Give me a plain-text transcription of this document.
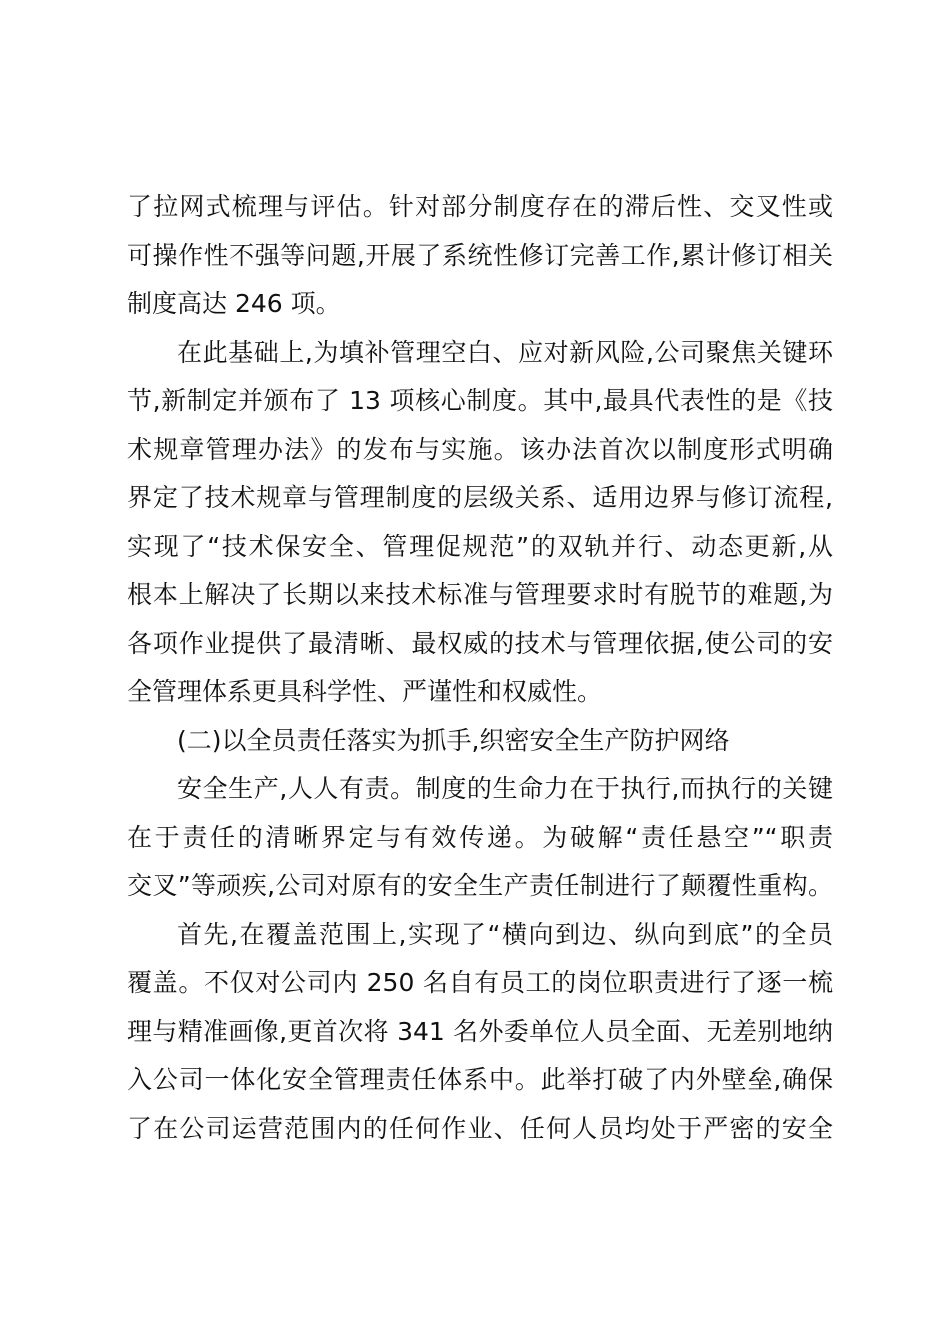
了拉网式梳理与评估。针对部分制度存在的滞后性、交叉性或
可操作性不强等问题,开展了系统性修订完善工作,累计修订相关
制度高达 246 项。
在此基础上,为填补管理空白、应对新风险,公司聚焦关键环
节,新制定并颁布了 13 项核心制度。其中,最具代表性的是《技
术规章管理办法》的发布与实施。该办法首次以制度形式明确
界定了技术规章与管理制度的层级关系、适用边界与修订流程,
实现了“技术保安全、管理促规范”的双轨并行、动态更新,从
根本上解决了长期以来技术标准与管理要求时有脱节的难题,为
各项作业提供了最清晰、最权威的技术与管理依据,使公司的安
全管理体系更具科学性、严谨性和权威性。
(二)以全员责任落实为抓手,织密安全生产防护网络
安全生产,人人有责。制度的生命力在于执行,而执行的关键
在于责任的清晰界定与有效传递。为破解“责任悬空”“职责
交叉”等顽疾,公司对原有的安全生产责任制进行了颠覆性重构。
首先,在覆盖范围上,实现了“横向到边、纵向到底”的全员
覆盖。不仅对公司内 250 名自有员工的岗位职责进行了逐一梳
理与精准画像,更首次将 341 名外委单位人员全面、无差别地纳
入公司一体化安全管理责任体系中。此举打破了内外壁垒,确保
了在公司运营范围内的任何作业、任何人员均处于严密的安全
